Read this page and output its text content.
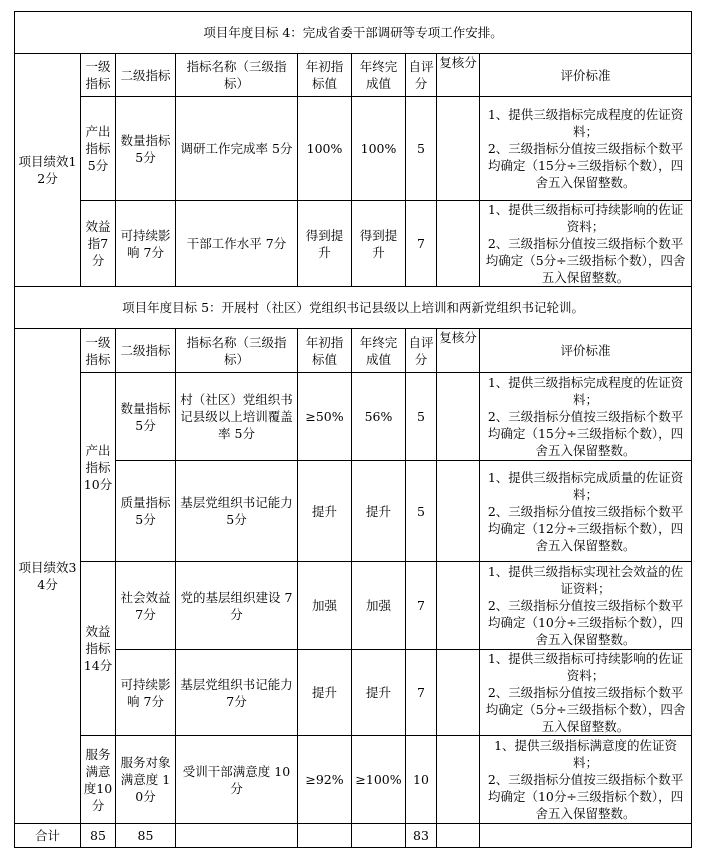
项目年度目标 4：完成省委干部调研等专项工作安排。								
项目绩效12分	一级指标	二级指标	指标名称（三级指标）	年初指标值	年终完成值	自评分	复核分	评价标准
	产出指标5分	数量指标5分	调研工作完成率 5分	100%	100%	5		1、提供三级指标完成程度的佐证资料；
2、三级指标分值按三级指标个数平均确定（15分÷三级指标个数），四舍五入保留整数。

	效益指7分	可持续影响 7分	干部工作水平 7分	得到提升	得到提升	7		1、提供三级指标可持续影响的佐证资料；
2、三级指标分值按三级指标个数平均确定（5分÷三级指标个数），四舍五入保留整数。

项目年度目标 5：开展村（社区）党组织书记县级以上培训和两新党组织书记轮训。								
项目绩效34分	一级指标	二级指标	指标名称（三级指标）	年初指标值	年终完成值	自评分	复核分	评价标准
	产出指标10分	数量指标5分	村（社区）党组织书记县级以上培训覆盖率 5分	≥50%	56%	5		1、提供三级指标完成程度的佐证资料；
2、三级指标分值按三级指标个数平均确定（15分÷三级指标个数），四舍五入保留整数。

		质量指标5分	基层党组织书记能力 5分	提升	提升	5		1、提供三级指标完成质量的佐证资料；
2、三级指标分值按三级指标个数平均确定（12分÷三级指标个数），四舍五入保留整数。

	效益指标14分	社会效益7分	党的基层组织建设 7分	加强	加强	7		1、提供三级指标实现社会效益的佐证资料；
2、三级指标分值按三级指标个数平均确定（10分÷三级指标个数），四舍五入保留整数。

		可持续影响 7分	基层党组织书记能力 7分	提升	提升	7		1、提供三级指标可持续影响的佐证资料；
2、三级指标分值按三级指标个数平均确定（5分÷三级指标个数），四舍五入保留整数。

	服务满意度10分	服务对象满意度 10分	受训干部满意度 10分	≥92%	≥100%	10		1、提供三级指标满意度的佐证资料；
2、三级指标分值按三级指标个数平均确定（10分÷三级指标个数），四舍五入保留整数。

合计	85	85				83		
